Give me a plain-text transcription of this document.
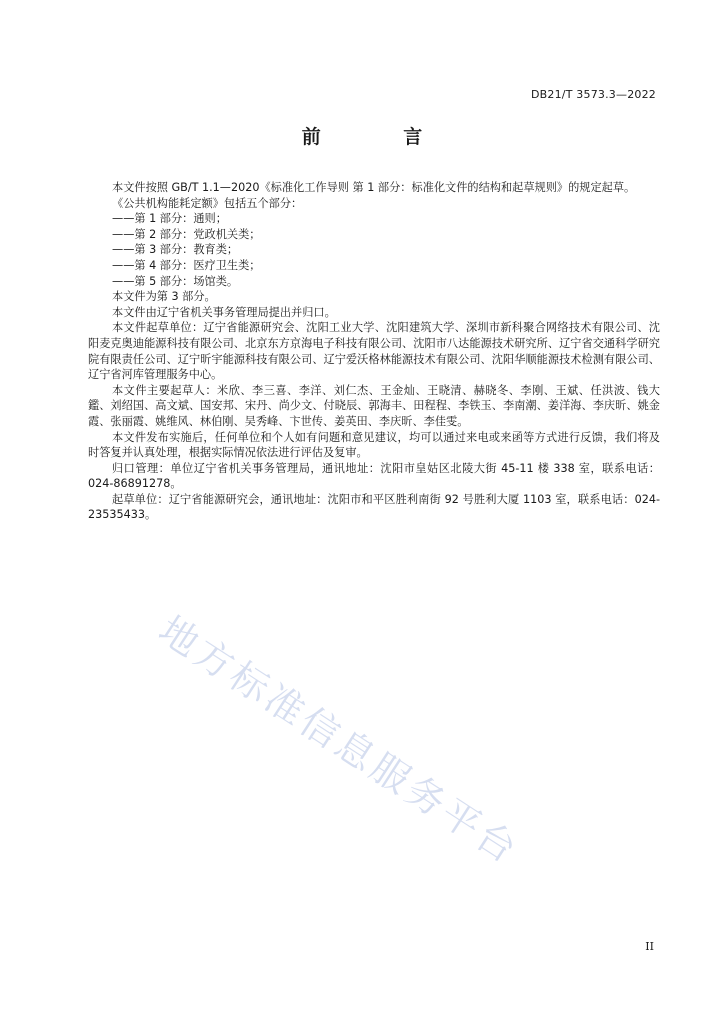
DB21/T 3573.3—2022
前 言

本文件按照 GB/T 1.1—2020《标准化工作导则 第 1 部分：标准化文件的结构和起草规则》的规定起草。

《公共机构能耗定额》包括五个部分：

——第 1 部分：通则；

——第 2 部分：党政机关类；

——第 3 部分：教育类；

——第 4 部分：医疗卫生类；

——第 5 部分：场馆类。

本文件为第 3 部分。

本文件由辽宁省机关事务管理局提出并归口。

本文件起草单位：辽宁省能源研究会、沈阳工业大学、沈阳建筑大学、深圳市新科聚合网络技术有限公司、沈阳麦克奥迪能源科技有限公司、北京东方京海电子科技有限公司、沈阳市八达能源技术研究所、辽宁省交通科学研究院有限责任公司、辽宁昕宇能源科技有限公司、辽宁爱沃格林能源技术有限公司、沈阳华顺能源技术检测有限公司、辽宁省河库管理服务中心。

本文件主要起草人：米欣、李三喜、李洋、刘仁杰、王金灿、王晓清、赫晓冬、李刚、王斌、任洪波、钱大鑑、刘绍国、高文斌、国安邦、宋丹、尚少文、付晓辰、郭海丰、田程程、李铁玉、李南潮、姜洋海、李庆昕、姚金霞、张丽霞、姚维风、林伯刚、吴秀峰、卞世传、姜英田、李庆昕、李佳雯。

本文件发布实施后，任何单位和个人如有问题和意见建议，均可以通过来电或来函等方式进行反馈，我们将及时答复并认真处理，根据实际情况依法进行评估及复审。

归口管理：单位辽宁省机关事务管理局，通讯地址：沈阳市皇姑区北陵大街 45-11 楼 338 室，联系电话：024-86891278。

起草单位：辽宁省能源研究会，通讯地址：沈阳市和平区胜利南街 92 号胜利大厦 1103 室，联系电话：024-23535433。

地方标准信息服务平台
II
